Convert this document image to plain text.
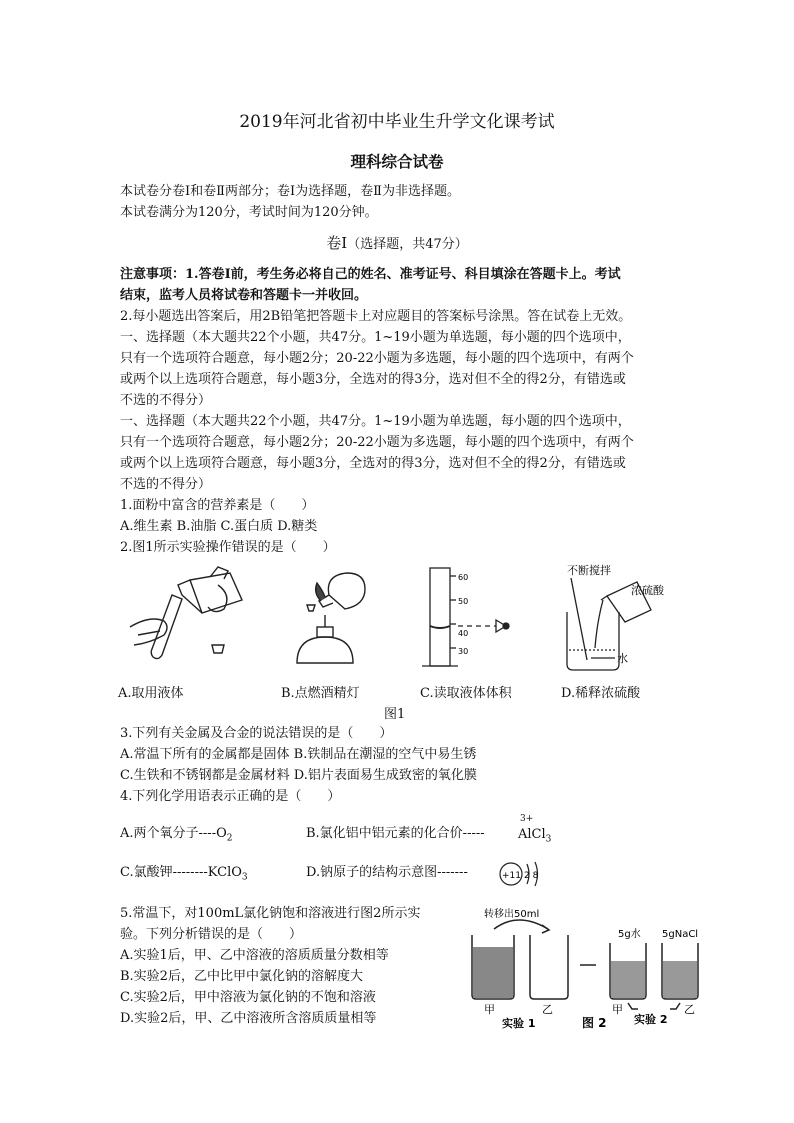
2019年河北省初中毕业生升学文化课考试
理科综合试卷
本试卷分卷Ⅰ和卷Ⅱ两部分；卷Ⅰ为选择题，卷Ⅱ为非选择题。
本试卷满分为120分，考试时间为120分钟。
卷Ⅰ（选择题，共47分）
注意事项：1.答卷Ⅰ前，考生务必将自己的姓名、准考证号、科目填涂在答题卡上。考试
结束，监考人员将试卷和答题卡一并收回。
2.每小题选出答案后，用2B铅笔把答题卡上对应题目的答案标号涂黑。答在试卷上无效。
一、选择题（本大题共22个小题，共47分。1~19小题为单选题，每小题的四个选项中，
只有一个选项符合题意，每小题2分；20-22小题为多选题，每小题的四个选项中，有两个
或两个以上选项符合题意，每小题3分，全选对的得3分，选对但不全的得2分，有错选或
不选的不得分）
一、选择题（本大题共22个小题，共47分。1~19小题为单选题，每小题的四个选项中，
只有一个选项符合题意，每小题2分；20-22小题为多选题，每小题的四个选项中，有两个
或两个以上选项符合题意，每小题3分，全选对的得3分，选对但不全的得2分，有错选或
不选的不得分）
1.面粉中富含的营养素是（　　）
A.维生素 B.油脂 C.蛋白质 D.糖类
2.图1所示实验操作错误的是（　　）
60
50
40
30
不断搅拌
浓硫酸
水
A.取用液体	B.点燃酒精灯	C.读取液体体积	D.稀释浓硫酸
图1
3.下列有关金属及合金的说法错误的是（　　）
A.常温下所有的金属都是固体 B.铁制品在潮湿的空气中易生锈
C.生铁和不锈钢都是金属材料 D.铝片表面易生成致密的氧化膜
4.下列化学用语表示正确的是（　　）
A.两个氧分子$----O_2$	B.氯化铝中铝元素的化合价-----
3+
AlCl$_3$
C.氯酸钾--------KClO$_3$	D.钠原子的结构示意图-------	+11 2 8
5.常温下，对100mL氯化钠饱和溶液进行图2所示实
验。下列分析错误的是（　　）
A.实验1后，甲、乙中溶液的溶质质量分数相等
B.实验2后，乙中比甲中氯化钠的溶解度大
C.实验2后，甲中溶液为氯化钠的不饱和溶液
D.实验2后，甲、乙中溶液所含溶质质量相等
转移出50ml
5g水 5gNaCl
甲	乙	甲	乙
实验 1	图 2 实验 2
